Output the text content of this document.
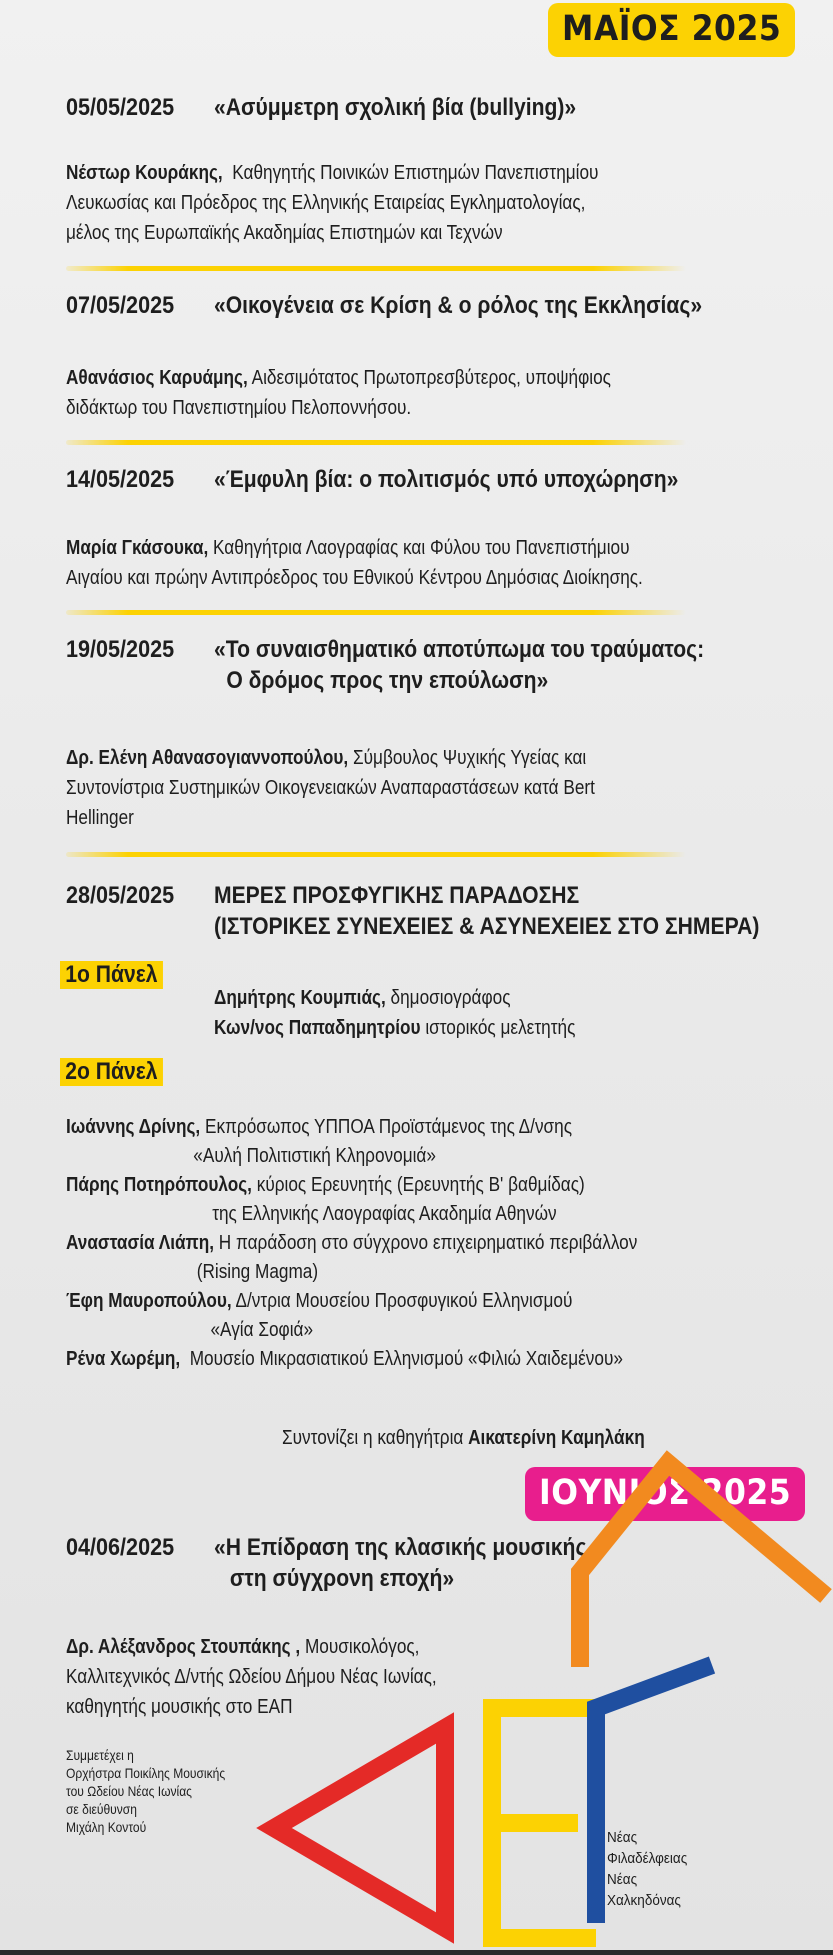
ΜΑΪΟΣ 2025
05/05/2025 «Ασύμμετρη σχολική βία (bullying)»
Νέστωρ Κουράκης, Καθηγητής Ποινικών Επιστημών Πανεπιστημίου
Λευκωσίας και Πρόεδρος της Ελληνικής Εταιρείας Εγκληματολογίας,
μέλος της Ευρωπαϊκής Ακαδημίας Επιστημών και Τεχνών
07/05/2025 «Οικογένεια σε Κρίση & ο ρόλος της Εκκλησίας»
Αθανάσιος Καρυάμης, Αιδεσιμότατος Πρωτοπρεσβύτερος, υποψήφιος
διδάκτωρ του Πανεπιστημίου Πελοποννήσου.
14/05/2025 «Έμφυλη βία: ο πολιτισμός υπό υποχώρηση»
Μαρία Γκάσουκα, Καθηγήτρια Λαογραφίας και Φύλου του Πανεπιστήμιου
Αιγαίου και πρώην Αντιπρόεδρος του Εθνικού Κέντρου Δημόσιας Διοίκησης.
19/05/2025 «Το συναισθηματικό αποτύπωμα του τραύματος:
Ο δρόμος προς την επούλωση»
Δρ. Ελένη Αθανασογιαννοπούλου, Σύμβουλος Ψυχικής Υγείας και
Συντονίστρια Συστημικών Οικογενειακών Αναπαραστάσεων κατά Bert
Hellinger
28/05/2025 ΜΕΡΕΣ ΠΡΟΣΦΥΓΙΚΗΣ ΠΑΡΑΔΟΣΗΣ
(ΙΣΤΟΡΙΚΕΣ ΣΥΝΕΧΕΙΕΣ & ΑΣΥΝΕΧΕΙΕΣ ΣΤΟ ΣΗΜΕΡΑ)
1ο Πάνελ
Δημήτρης Κουμπιάς, δημοσιογράφος
Κων/νος Παπαδημητρίου ιστορικός μελετητής
2ο Πάνελ
Ιωάννης Δρίνης, Εκπρόσωπος ΥΠΠΟΑ Προϊστάμενος της Δ/νσης
«Αυλή Πολιτιστική Κληρονομιά»
Πάρης Ποτηρόπουλος, κύριος Ερευνητής (Ερευνητής Β' βαθμίδας)
της Ελληνικής Λαογραφίας Ακαδημία Αθηνών
Αναστασία Λιάπη, Η παράδοση στο σύγχρονο επιχειρηματικό περιβάλλον
(Rising Magma)
Έφη Μαυροπούλου, Δ/ντρια Μουσείου Προσφυγικού Ελληνισμού
«Αγία Σοφιά»
Ρένα Χωρέμη, Μουσείο Μικρασιατικού Ελληνισμού «Φιλιώ Χαιδεμένου»
Συντονίζει η καθηγήτρια Αικατερίνη Καμηλάκη
ΙΟΥΝΙΟΣ 2025
04/06/2025 «Η Επίδραση της κλασικής μουσικής
στη σύγχρονη εποχή»
Δρ. Αλέξανδρος Στουπάκης , Μουσικολόγος,
Καλλιτεχνικός Δ/ντής Ωδείου Δήμου Νέας Ιωνίας,
καθηγητής μουσικής στο ΕΑΠ
Συμμετέχει η
Ορχήστρα Ποικίλης Μουσικής
του Ωδείου Νέας Ιωνίας
σε διεύθυνση
Μιχάλη Κοντού
Νέας
Φιλαδέλφειας
Νέας
Χαλκηδόνας
